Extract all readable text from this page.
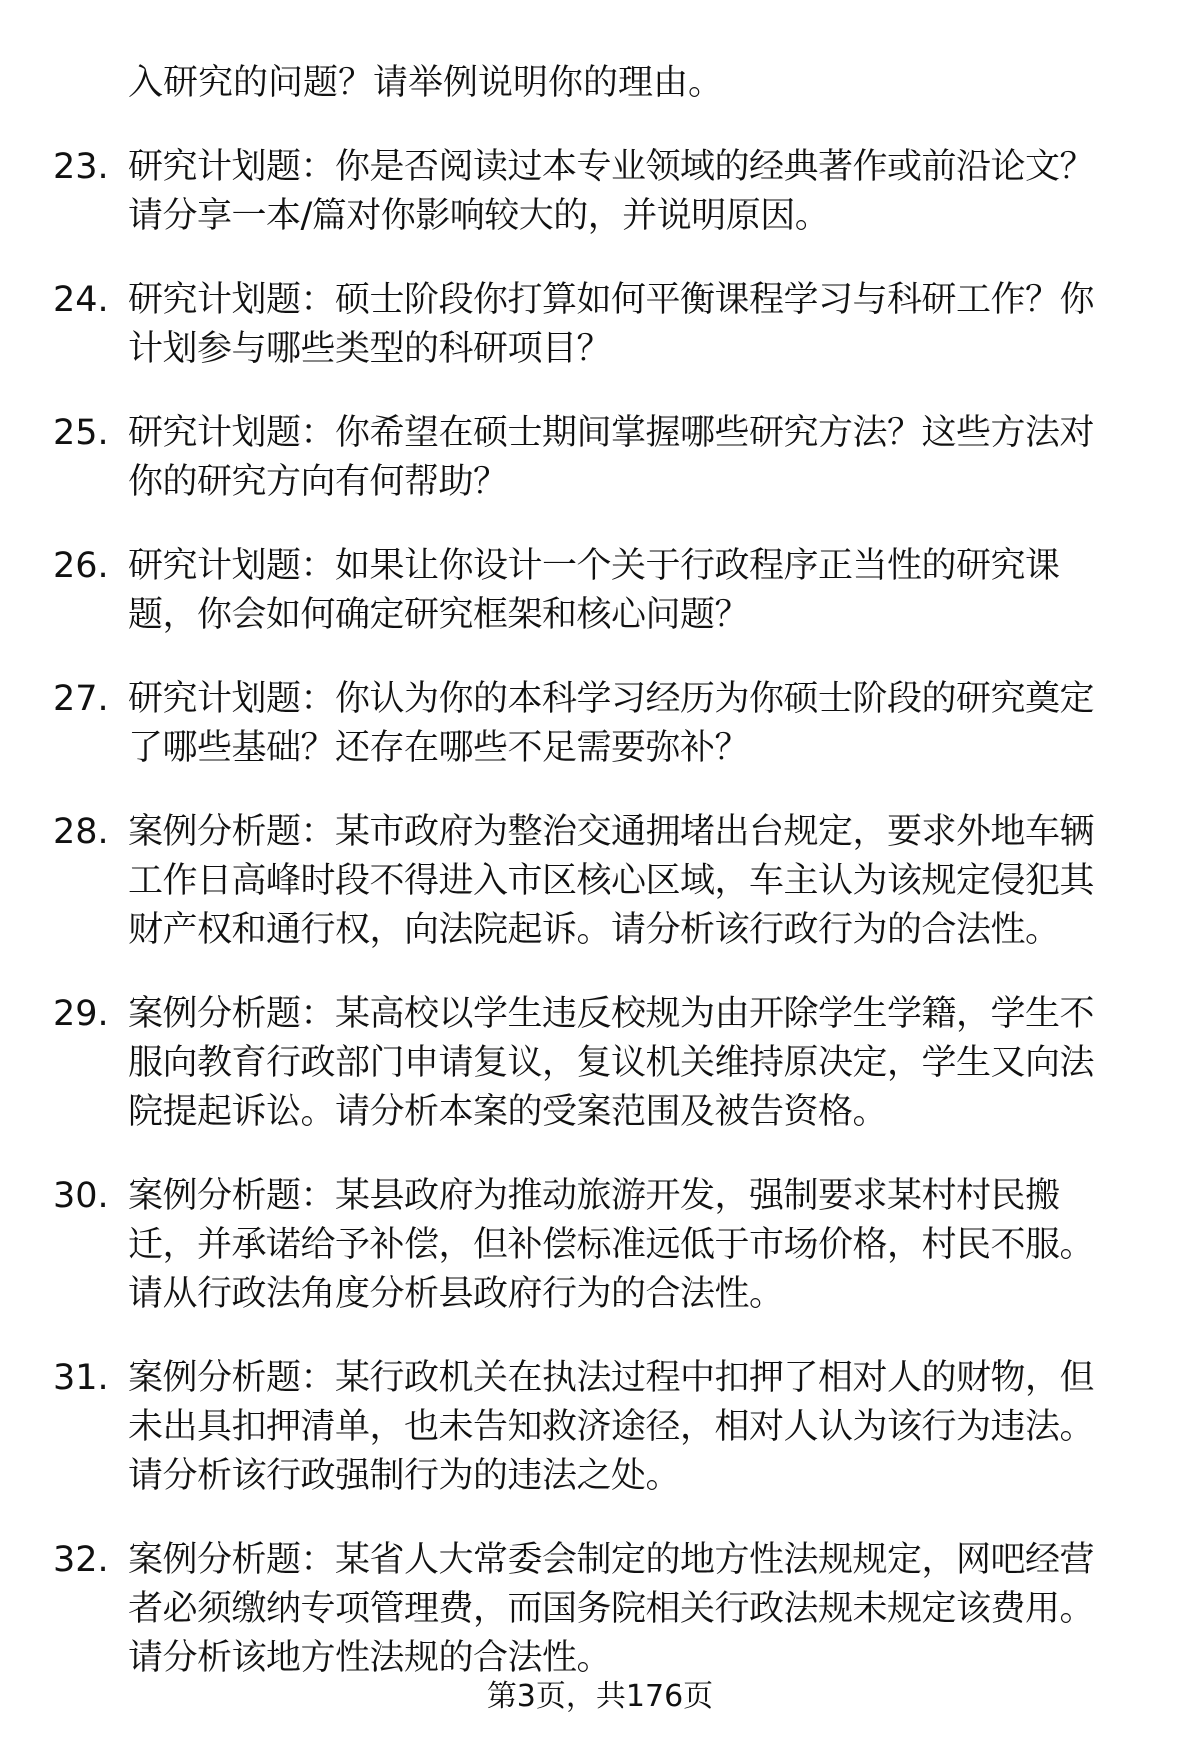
入研究的问题？请举例说明你的理由。
23. 研究计划题：你是否阅读过本专业领域的经典著作或前沿论文？
请分享一本/篇对你影响较大的，并说明原因。
24. 研究计划题：硕士阶段你打算如何平衡课程学习与科研工作？你
计划参与哪些类型的科研项目？
25. 研究计划题：你希望在硕士期间掌握哪些研究方法？这些方法对
你的研究方向有何帮助？
26. 研究计划题：如果让你设计一个关于行政程序正当性的研究课
题，你会如何确定研究框架和核心问题？
27. 研究计划题：你认为你的本科学习经历为你硕士阶段的研究奠定
了哪些基础？还存在哪些不足需要弥补？
28. 案例分析题：某市政府为整治交通拥堵出台规定，要求外地车辆
工作日高峰时段不得进入市区核心区域，车主认为该规定侵犯其
财产权和通行权，向法院起诉。请分析该行政行为的合法性。
29. 案例分析题：某高校以学生违反校规为由开除学生学籍，学生不
服向教育行政部门申请复议，复议机关维持原决定，学生又向法
院提起诉讼。请分析本案的受案范围及被告资格。
30. 案例分析题：某县政府为推动旅游开发，强制要求某村村民搬
迁，并承诺给予补偿，但补偿标准远低于市场价格，村民不服。
请从行政法角度分析县政府行为的合法性。
31. 案例分析题：某行政机关在执法过程中扣押了相对人的财物，但
未出具扣押清单，也未告知救济途径，相对人认为该行为违法。
请分析该行政强制行为的违法之处。
32. 案例分析题：某省人大常委会制定的地方性法规规定，网吧经营
者必须缴纳专项管理费，而国务院相关行政法规未规定该费用。
请分析该地方性法规的合法性。
第3页，共176页
